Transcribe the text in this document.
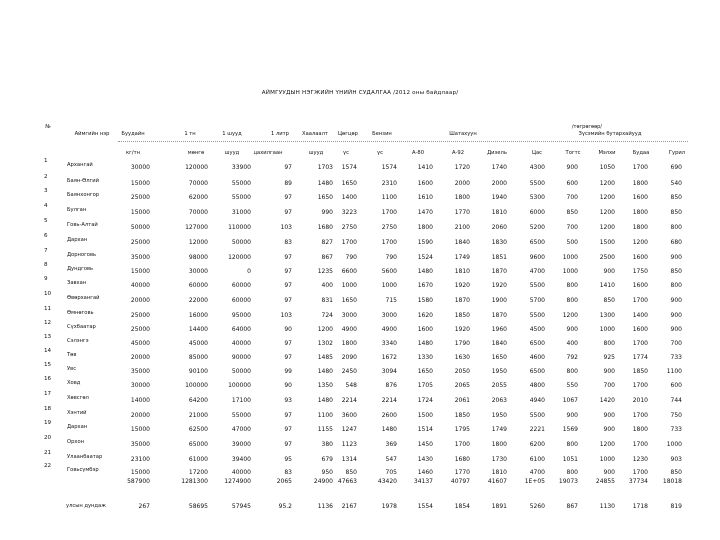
АЙМГУУДЫН НЭГЖИЙН ҮНИЙН СУДАЛГАА /2012 оны байдлаар/
/төгрөгөөр/
№
Аймгийн нэр Буудайн	1 тн	1 шууд	1 литр	Хаалаалт Цөгцөр	Бензин	Шатахуун	Зүсэмийн бутархайууд
кг/тн	мөнгө	шууд	цахилгаан	шууд	үс	үс	А-80	А-92	Дизель	Цас	Тогтс	Мэлхи	Будаа	Гурил
1
Архангай	30000	120000	33900	97	1703 1574	1574	1410	1720	1740	4300	900	1050	1700	690
2
Баян-Өлгий	15000	70000	55000	89	1480 1650	2310	1600	2000	2000	5500	600	1200	1800	540
3
Баянхонгор	25000	62000	55000	97	1650 1400	1100	1610	1800	1940	5300	700	1200	1600	850
4
Булган	15000	70000	31000	97	990 3223	1700	1470	1770	1810	6000	850	1200	1800	850
5
Говь-Алтай	50000	127000	110000	103	1680 2750	2750	1800	2100	2060	5200	700	1200	1800	800
6
Дархан	25000	12000	50000	83	827 1700	1700	1590	1840	1830	6500	500	1500	1200	680
7
Дорноговь	35000	98000	120000	97	867 790	790	1524	1749	1851	9600	1000	2500	1600	900
8
Дундговь	15000	30000	0	97	1235 6600	5600	1480	1810	1870	4700	1000	900	1750	850
9
Завхан	40000	60000	60000	97	400 1000	1000	1670	1920	1920	5500	800	1410	1600	800
10
Өвөрхангай	20000	22000	60000	97	831 1650	715	1580	1870	1900	5700	800	850	1700	900
11
Өмнөговь	25000	16000	95000	103	724 3000	3000	1620	1850	1870	5500	1200	1300	1400	900
12
Сүхбаатар	25000	14400	64000	90	1200 4900	4900	1600	1920	1960	4500	900	1000	1600	900
13
Сэлэнгэ	45000	45000	40000	97	1302 1800	3340	1480	1790	1840	6500	400	800	1700	700
14
Төв	20000	85000	90000	97	1485 2090	1672	1330	1630	1650	4600	792	925	1774	733
15
Увс	35000	90100	50000	99	1480 2450	3094	1650	2050	1950	6500	800	900	1850	1100
16
Ховд	30000	100000	100000	90	1350 548	876	1705	2065	2055	4800	550	700	1700	600
17
Хөвсгөл	14000	64200	17100	93	1480 2214	2214	1724	2061	2063	4940	1067	1420	2010	744
18
Хэнтий	20000	21000	55000	97	1100 3600	2600	1500	1850	1950	5500	900	900	1700	750
19
Дархан	15000	62500	47000	97	1155 1247	1480	1514	1795	1749	2221	1569	900	1800	733
20
Орхон	35000	65000	39000	97	380 1123	369	1450	1700	1800	6200	800	1200	1700	1000
21
Улаанбаатар	23100	61000	39400	95	679 1314	547	1430	1680	1730	6100	1051	1000	1230	903
22
Говьсүмбэр	15000	17200	40000	83	950 850	705	1460	1770	1810	4700	800	900	1700	850
587900	1281300	1274900	2065	24900 47663	43420	34137	40797	41607	1E+05 19073	24855 37734 18018
улсын дундаж	267	58695	57945	95.2	1136 2167	1978	1554	1854	1891	5260	867	1130	1718	819
